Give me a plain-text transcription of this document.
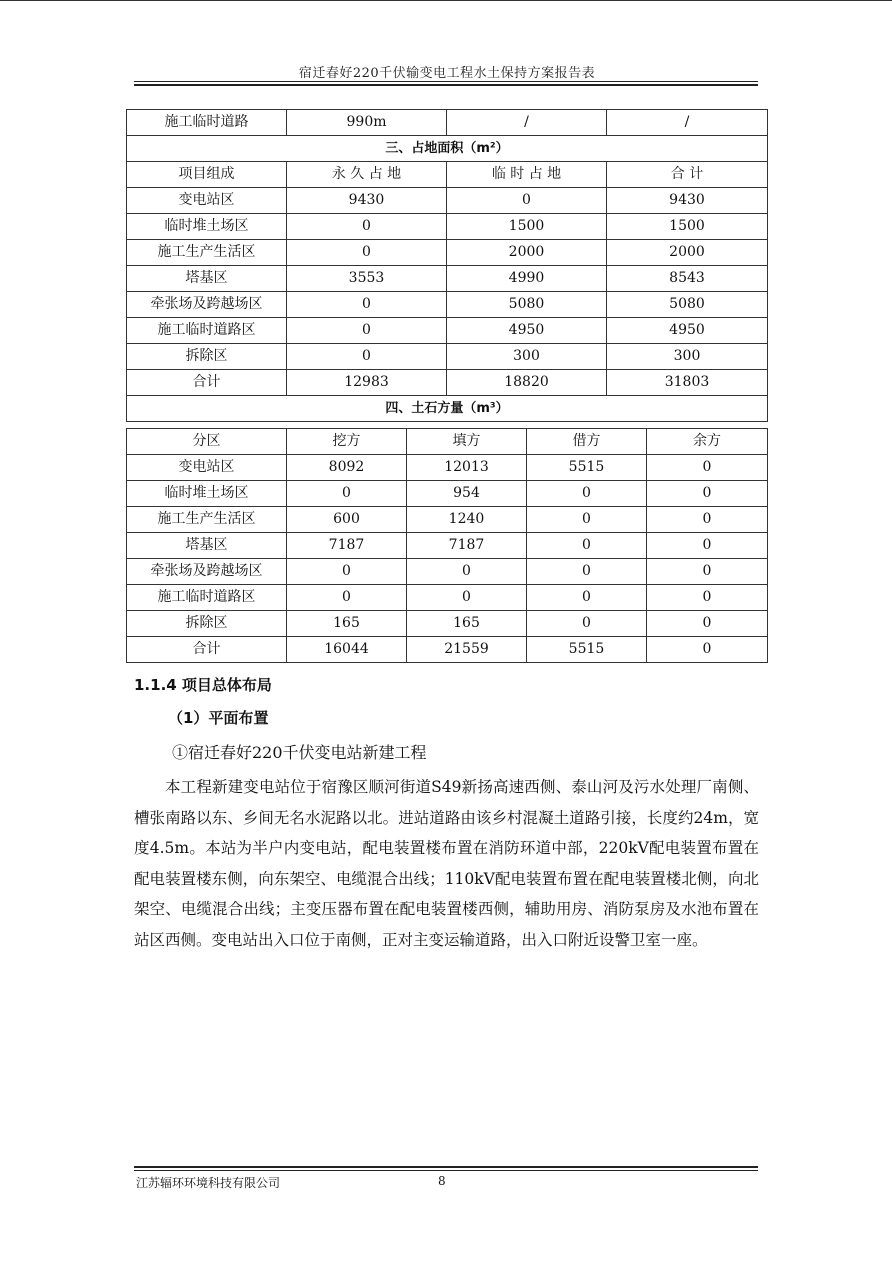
宿迁春好220千伏输变电工程水土保持方案报告表
施工临时道路	990m	/	/
三、占地面积（m²）			
项目组成	永 久 占 地	临 时 占 地	合 计
变电站区	9430	0	9430
临时堆土场区	0	1500	1500
施工生产生活区	0	2000	2000
塔基区	3553	4990	8543
牵张场及跨越场区	0	5080	5080
施工临时道路区	0	4950	4950
拆除区	0	300	300
合计	12983	18820	31803
四、土石方量（m³）			
分区	挖方	填方	借方	余方
变电站区	8092	12013	5515	0
临时堆土场区	0	954	0	0
施工生产生活区	600	1240	0	0
塔基区	7187	7187	0	0
牵张场及跨越场区	0	0	0	0
施工临时道路区	0	0	0	0
拆除区	165	165	0	0
合计	16044	21559	5515	0
1.1.4 项目总体布局
（1）平面布置
①宿迁春好220千伏变电站新建工程

本工程新建变电站位于宿豫区顺河街道S49新扬高速西侧、泰山河及污水处理厂南侧、槽张南路以东、乡间无名水泥路以北。进站道路由该乡村混凝土道路引接，长度约24m，宽度4.5m。本站为半户内变电站，配电装置楼布置在消防环道中部，220kV配电装置布置在配电装置楼东侧，向东架空、电缆混合出线；110kV配电装置布置在配电装置楼北侧，向北架空、电缆混合出线；主变压器布置在配电装置楼西侧，辅助用房、消防泵房及水池布置在站区西侧。变电站出入口位于南侧，正对主变运输道路，出入口附近设警卫室一座。

江苏辐环环境科技有限公司	8
